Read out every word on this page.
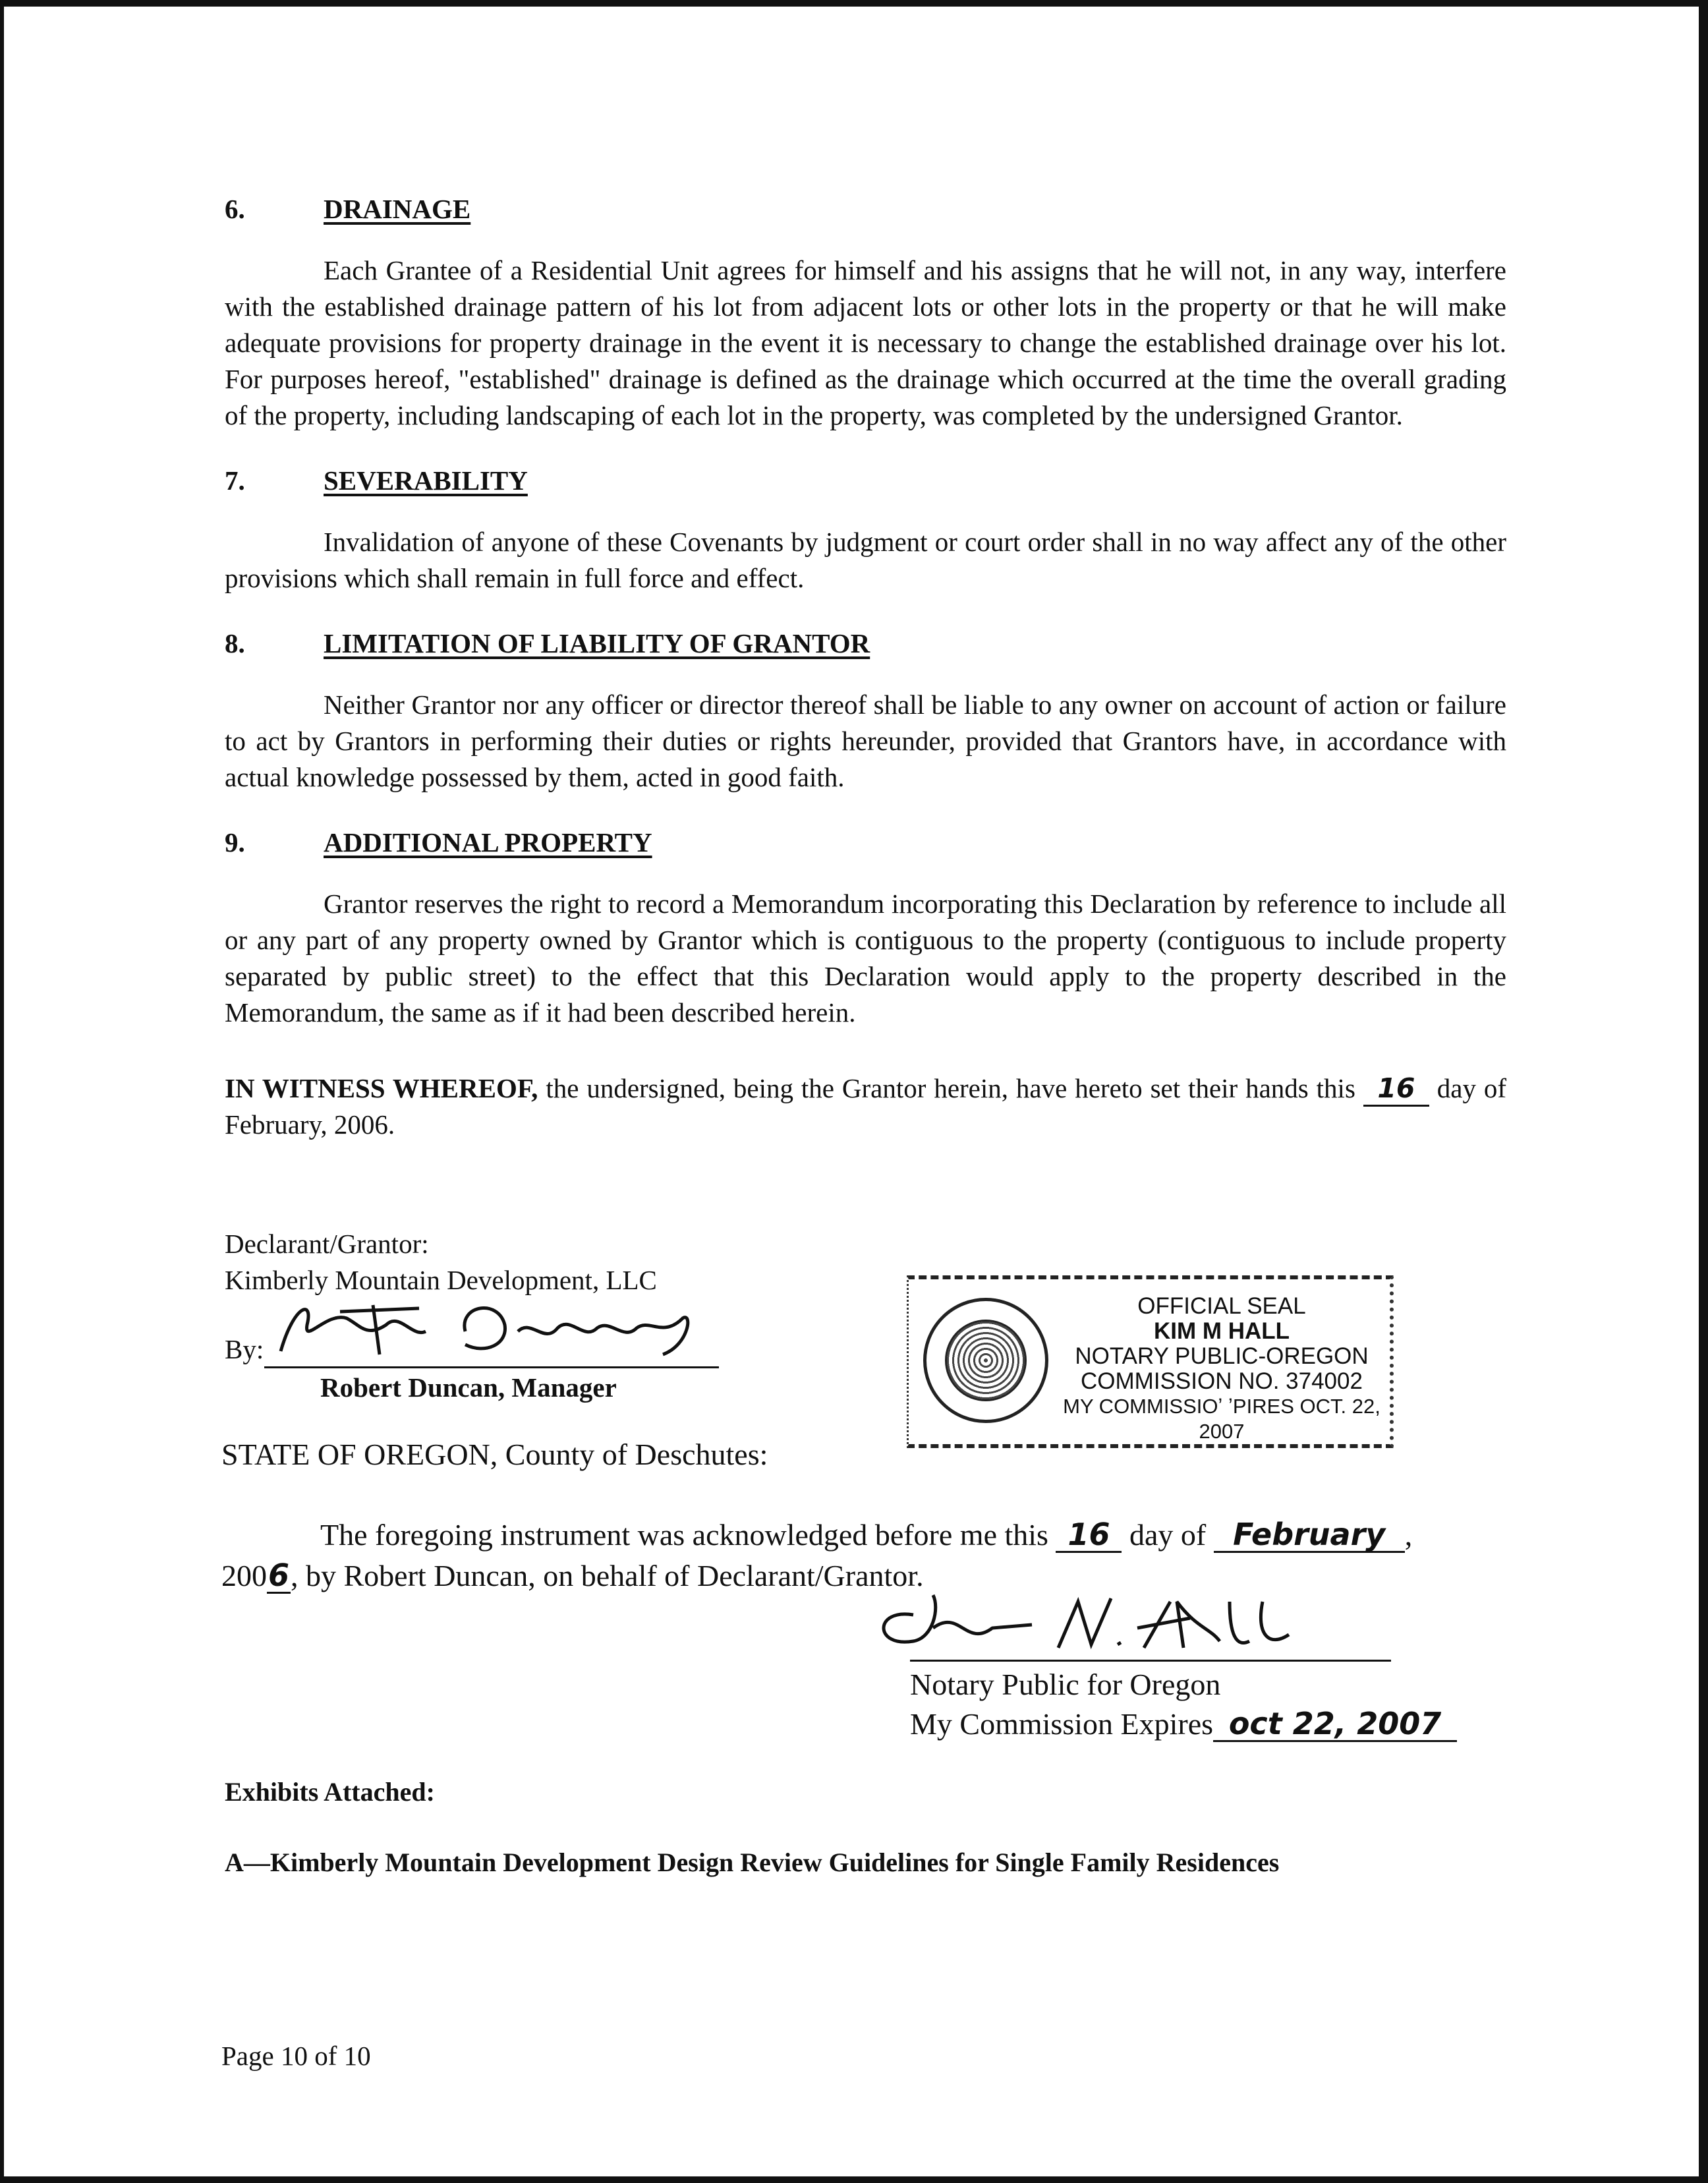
6.	DRAINAGE

Each Grantee of a Residential Unit agrees for himself and his assigns that he will not, in any way, interfere with the established drainage pattern of his lot from adjacent lots or other lots in the property or that he will make adequate provisions for property drainage in the event it is necessary to change the established drainage over his lot. For purposes hereof, "established" drainage is defined as the drainage which occurred at the time the overall grading of the property, including landscaping of each lot in the property, was completed by the undersigned Grantor.

7.	SEVERABILITY

Invalidation of anyone of these Covenants by judgment or court order shall in no way affect any of the other provisions which shall remain in full force and effect.

8.	LIMITATION OF LIABILITY OF GRANTOR

Neither Grantor nor any officer or director thereof shall be liable to any owner on account of action or failure to act by Grantors in performing their duties or rights hereunder, provided that Grantors have, in accordance with actual knowledge possessed by them, acted in good faith.

9.	ADDITIONAL PROPERTY

Grantor reserves the right to record a Memorandum incorporating this Declaration by reference to include all or any part of any property owned by Grantor which is contiguous to the property (contiguous to include property separated by public street) to the effect that this Declaration would apply to the property described in the Memorandum, the same as if it had been described herein.

IN WITNESS WHEREOF, the undersigned, being the Grantor herein, have hereto set their hands this 16 day of February, 2006.

Declarant/Grantor:
Kimberly Mountain Development, LLC
By:
Robert Duncan, Manager
OFFICIAL SEAL
KIM M HALL
NOTARY PUBLIC-OREGON
COMMISSION NO. 374002
MY COMMISSIOʼ ʼPIRES OCT. 22, 2007
STATE OF OREGON, County of Deschutes:
The foregoing instrument was acknowledged before me this 16 day of February ,
2006, by Robert Duncan, on behalf of Declarant/Grantor.
Notary Public for Oregon
My Commission Expires oct 22, 2007
Exhibits Attached:
A—Kimberly Mountain Development Design Review Guidelines for Single Family Residences
Page 10 of 10
